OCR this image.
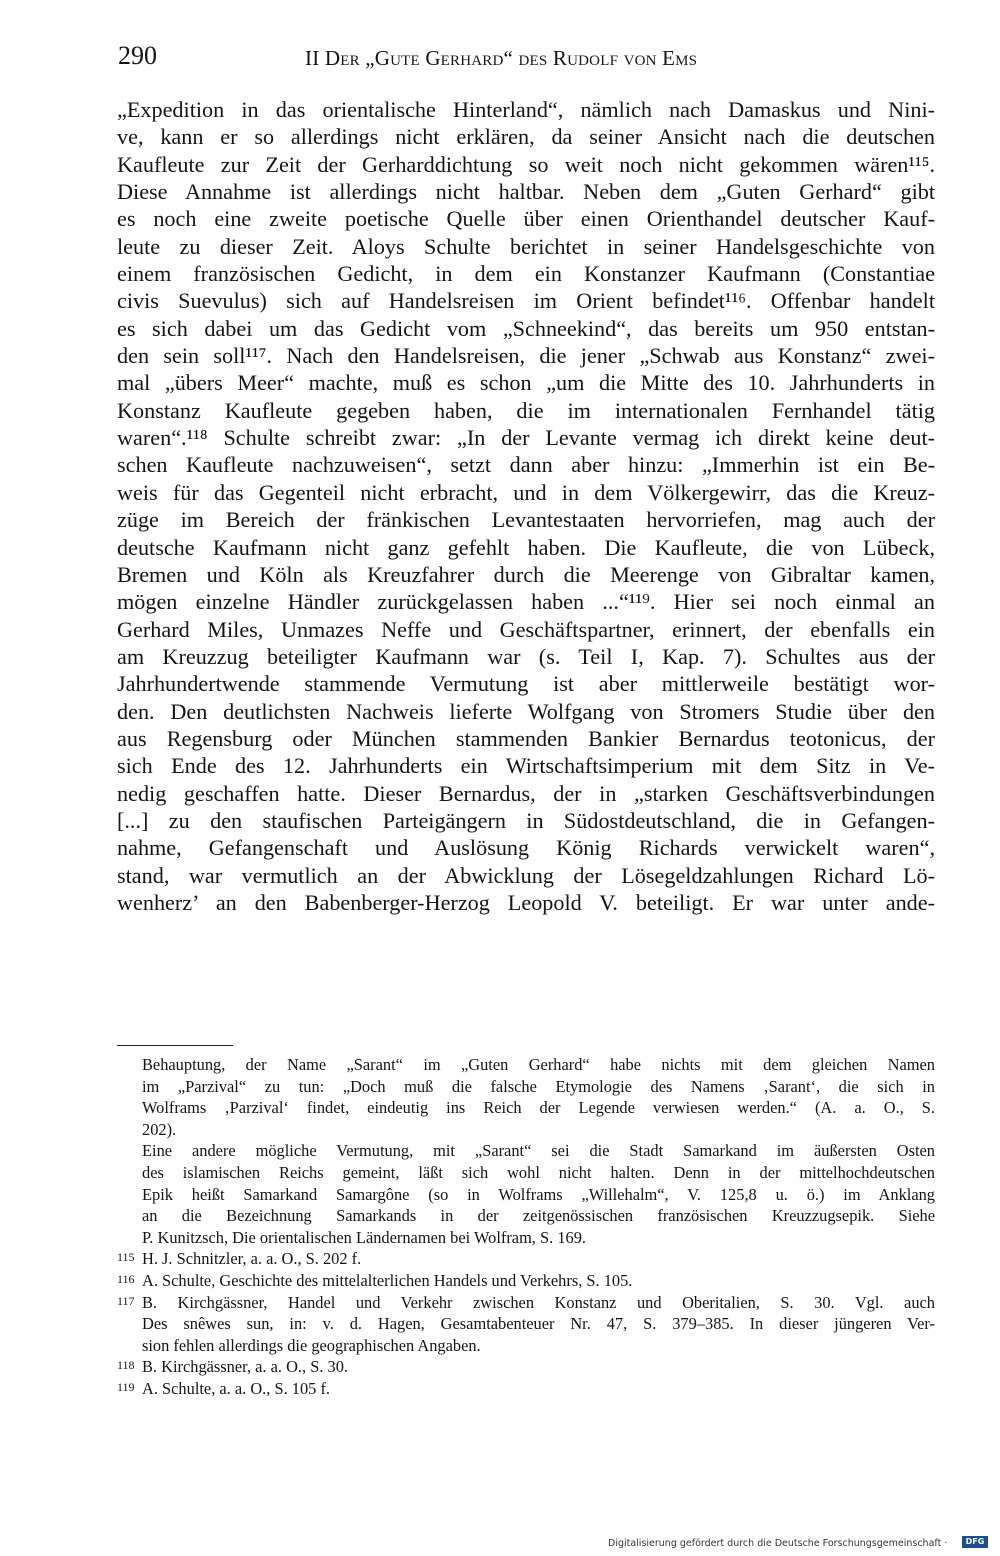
290	II Der „Gute Gerhard“ des Rudolf von Ems
„Expedition in das orientalische Hinterland“, nämlich nach Damaskus und Nini-
ve, kann er so allerdings nicht erklären, da seiner Ansicht nach die deutschen
Kaufleute zur Zeit der Gerharddichtung so weit noch nicht gekommen wären¹¹⁵.
Diese Annahme ist allerdings nicht haltbar. Neben dem „Guten Gerhard“ gibt
es noch eine zweite poetische Quelle über einen Orienthandel deutscher Kauf-
leute zu dieser Zeit. Aloys Schulte berichtet in seiner Handelsgeschichte von
einem französischen Gedicht, in dem ein Konstanzer Kaufmann (Constantiae
civis Suevulus) sich auf Handelsreisen im Orient befindet¹¹⁶. Offenbar handelt
es sich dabei um das Gedicht vom „Schneekind“, das bereits um 950 entstan-
den sein soll¹¹⁷. Nach den Handelsreisen, die jener „Schwab aus Konstanz“ zwei-
mal „übers Meer“ machte, muß es schon „um die Mitte des 10. Jahrhunderts in
Konstanz Kaufleute gegeben haben, die im internationalen Fernhandel tätig
waren“.¹¹⁸ Schulte schreibt zwar: „In der Levante vermag ich direkt keine deut-
schen Kaufleute nachzuweisen“, setzt dann aber hinzu: „Immerhin ist ein Be-
weis für das Gegenteil nicht erbracht, und in dem Völkergewirr, das die Kreuz-
züge im Bereich der fränkischen Levantestaaten hervorriefen, mag auch der
deutsche Kaufmann nicht ganz gefehlt haben. Die Kaufleute, die von Lübeck,
Bremen und Köln als Kreuzfahrer durch die Meerenge von Gibraltar kamen,
mögen einzelne Händler zurückgelassen haben ...“¹¹⁹. Hier sei noch einmal an
Gerhard Miles, Unmazes Neffe und Geschäftspartner, erinnert, der ebenfalls ein
am Kreuzzug beteiligter Kaufmann war (s. Teil I, Kap. 7). Schultes aus der
Jahrhundertwende stammende Vermutung ist aber mittlerweile bestätigt wor-
den. Den deutlichsten Nachweis lieferte Wolfgang von Stromers Studie über den
aus Regensburg oder München stammenden Bankier Bernardus teotonicus, der
sich Ende des 12. Jahrhunderts ein Wirtschaftsimperium mit dem Sitz in Ve-
nedig geschaffen hatte. Dieser Bernardus, der in „starken Geschäftsverbindungen
[...] zu den staufischen Parteigängern in Südostdeutschland, die in Gefangen-
nahme, Gefangenschaft und Auslösung König Richards verwickelt waren“,
stand, war vermutlich an der Abwicklung der Lösegeldzahlungen Richard Lö-
wenherz’ an den Babenberger-Herzog Leopold V. beteiligt. Er war unter ande-
Behauptung, der Name „Sarant“ im „Guten Gerhard“ habe nichts mit dem gleichen Namen
im „Parzival“ zu tun: „Doch muß die falsche Etymologie des Namens ‚Sarant‘, die sich in
Wolframs ‚Parzival‘ findet, eindeutig ins Reich der Legende verwiesen werden.“ (A. a. O., S.
202).
Eine andere mögliche Vermutung, mit „Sarant“ sei die Stadt Samarkand im äußersten Osten
des islamischen Reichs gemeint, läßt sich wohl nicht halten. Denn in der mittelhochdeutschen
Epik heißt Samarkand Samargône (so in Wolframs „Willehalm“, V. 125,8 u. ö.) im Anklang
an die Bezeichnung Samarkands in der zeitgenössischen französischen Kreuzzugsepik. Siehe
P. Kunitzsch, Die orientalischen Ländernamen bei Wolfram, S. 169.
115 H. J. Schnitzler, a. a. O., S. 202 f.
116 A. Schulte, Geschichte des mittelalterlichen Handels und Verkehrs, S. 105.
117 B. Kirchgässner, Handel und Verkehr zwischen Konstanz und Oberitalien, S. 30. Vgl. auch
Des snêwes sun, in: v. d. Hagen, Gesamtabenteuer Nr. 47, S. 379–385. In dieser jüngeren Ver-
sion fehlen allerdings die geographischen Angaben.
118 B. Kirchgässner, a. a. O., S. 30.
119 A. Schulte, a. a. O., S. 105 f.
Digitalisierung gefördert durch die Deutsche Forschungsgemeinschaft ·	DFG
